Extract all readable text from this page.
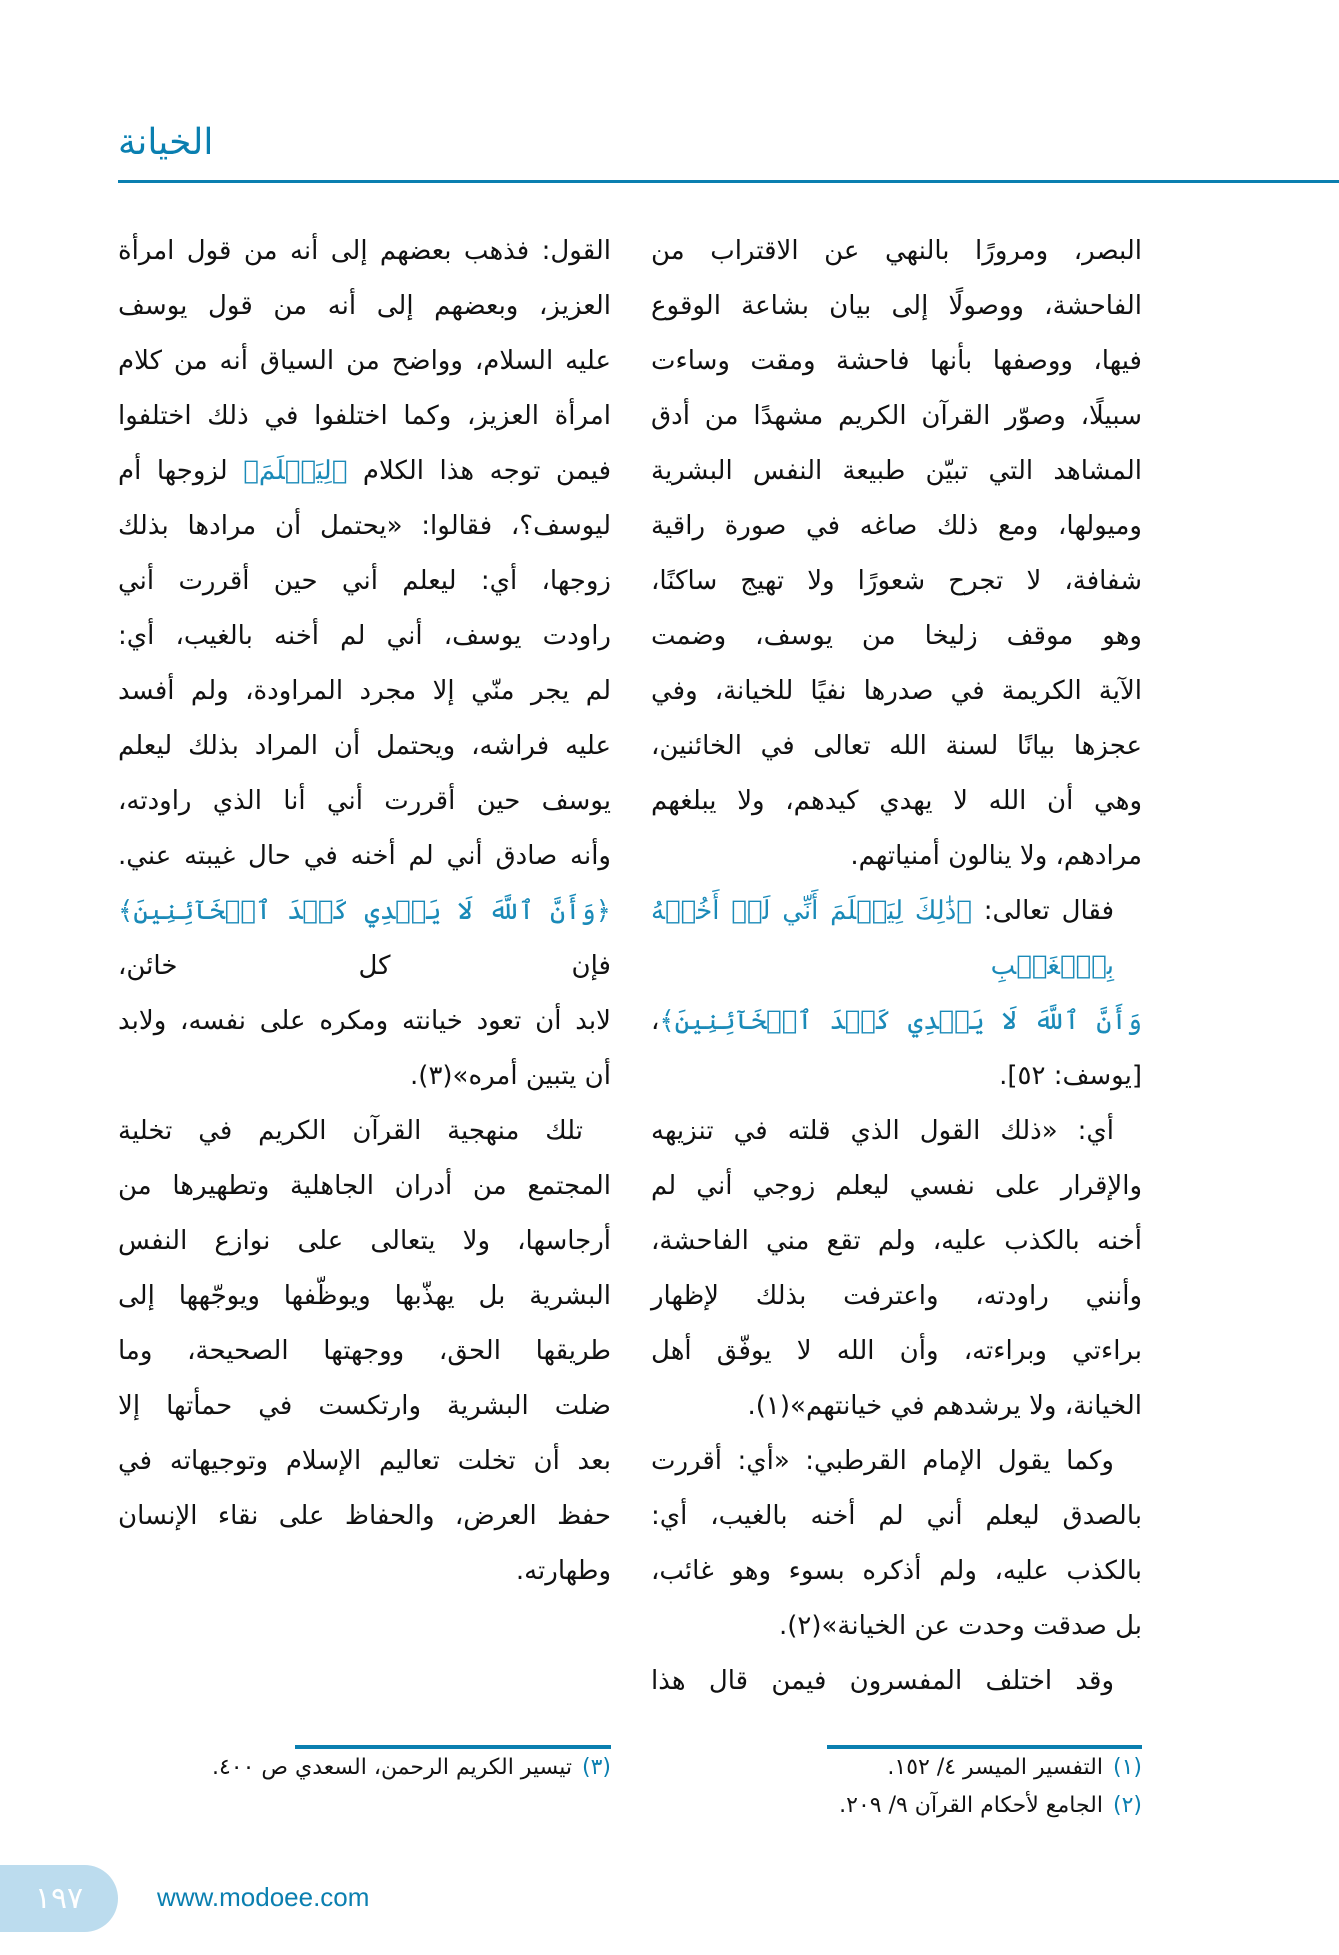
الخيانة
البصر، ومرورًا بالنهي عن الاقتراب من
الفاحشة، ووصولًا إلى بيان بشاعة الوقوع
فيها، ووصفها بأنها فاحشة ومقت وساءت
سبيلًا، وصوّر القرآن الكريم مشهدًا من أدق
المشاهد التي تبيّن طبيعة النفس البشرية
وميولها، ومع ذلك صاغه في صورة راقية
شفافة، لا تجرح شعورًا ولا تهيج ساكنًا،
وهو موقف زليخا من يوسف، وضمت
الآية الكريمة في صدرها نفيًا للخيانة، وفي
عجزها بيانًا لسنة الله تعالى في الخائنين،
وهي أن الله لا يهدي كيدهم، ولا يبلغهم
مرادهم، ولا ينالون أمنياتهم.
فقال تعالى: ﴿ذَٰلِكَ لِيَعۡلَمَ أَنِّي لَمۡ أَخُنۡهُ بِٱلۡغَيۡبِ
وَأَنَّ ٱللَّهَ لَا يَهۡدِي كَيۡدَ ٱلۡخَآئِنِينَ﴾، [يوسف: ٥٢].
أي: «ذلك القول الذي قلته في تنزيهه
والإقرار على نفسي ليعلم زوجي أني لم
أخنه بالكذب عليه، ولم تقع مني الفاحشة،
وأنني راودته، واعترفت بذلك لإظهار
براءتي وبراءته، وأن الله لا يوفّق أهل
الخيانة، ولا يرشدهم في خيانتهم»(١).
وكما يقول الإمام القرطبي: «أي: أقررت
بالصدق ليعلم أني لم أخنه بالغيب، أي:
بالكذب عليه، ولم أذكره بسوء وهو غائب،
بل صدقت وحدت عن الخيانة»(٢).
وقد اختلف المفسرون فيمن قال هذا
القول: فذهب بعضهم إلى أنه من قول امرأة
العزيز، وبعضهم إلى أنه من قول يوسف
عليه السلام، وواضح من السياق أنه من كلام
امرأة العزيز، وكما اختلفوا في ذلك اختلفوا
فيمن توجه هذا الكلام ﴿لِيَعۡلَمَ﴾ لزوجها أم
ليوسف؟، فقالوا: «يحتمل أن مرادها بذلك
زوجها، أي: ليعلم أني حين أقررت أني
راودت يوسف، أني لم أخنه بالغيب، أي:
لم يجر منّي إلا مجرد المراودة، ولم أفسد
عليه فراشه، ويحتمل أن المراد بذلك ليعلم
يوسف حين أقررت أني أنا الذي راودته،
وأنه صادق أني لم أخنه في حال غيبته عني.
﴿وَأَنَّ ٱللَّهَ لَا يَهۡدِي كَيۡدَ ٱلۡخَآئِنِينَ﴾ فإن كل خائن،
لابد أن تعود خيانته ومكره على نفسه، ولابد
أن يتبين أمره»(٣).
تلك منهجية القرآن الكريم في تخلية
المجتمع من أدران الجاهلية وتطهيرها من
أرجاسها، ولا يتعالى على نوازع النفس
البشرية بل يهذّبها ويوظّفها ويوجّهها إلى
طريقها الحق، ووجهتها الصحيحة، وما
ضلت البشرية وارتكست في حمأتها إلا
بعد أن تخلت تعاليم الإسلام وتوجيهاته في
حفظ العرض، والحفاظ على نقاء الإنسان
وطهارته.
(١)التفسير الميسر ٤/ ١٥٢.
(٢)الجامع لأحكام القرآن ٩/ ٢٠٩.
(٣)تيسير الكريم الرحمن، السعدي ص ٤٠٠.
١٩٧	www.modoee.com
